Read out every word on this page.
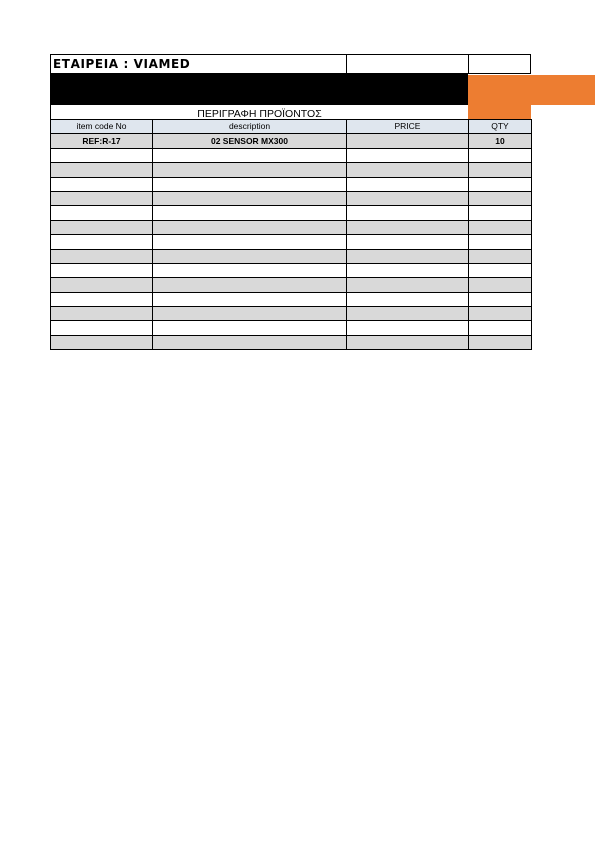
ΕΤΑΙΡΕΙΑ : VIAMED
ΠΕΡΙΓΡΑΦΗ ΠΡΟΪΟΝΤΟΣ
item code No	description	PRICE	QTY
REF:R-17	02 SENSOR MX300		10
